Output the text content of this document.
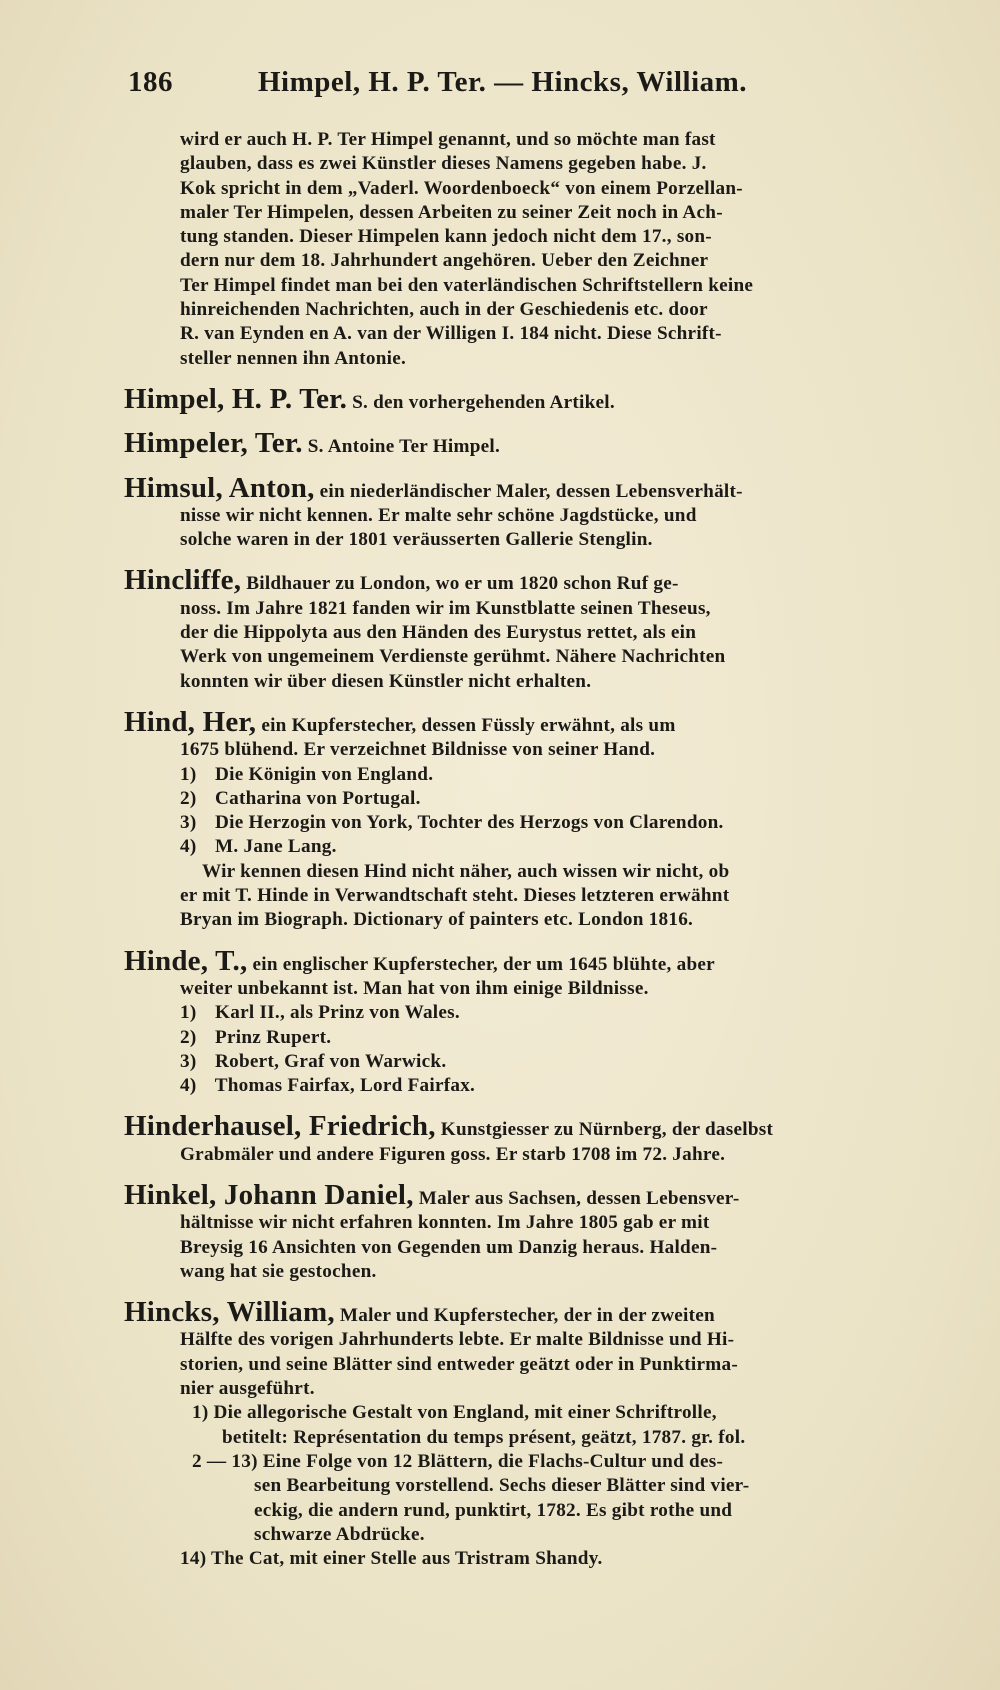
186	Himpel, H. P. Ter. — Hincks, William.
wird er auch H. P. Ter Himpel genannt, und so möchte man fast
glauben, dass es zwei Künstler dieses Namens gegeben habe. J.
Kok spricht in dem „Vaderl. Woordenboeck“ von einem Porzellan-
maler Ter Himpelen, dessen Arbeiten zu seiner Zeit noch in Ach-
tung standen. Dieser Himpelen kann jedoch nicht dem 17., son-
dern nur dem 18. Jahrhundert angehören. Ueber den Zeichner
Ter Himpel findet man bei den vaterländischen Schriftstellern keine
hinreichenden Nachrichten, auch in der Geschiedenis etc. door
R. van Eynden en A. van der Willigen I. 184 nicht. Diese Schrift-
steller nennen ihn Antonie.
Himpel, H. P. Ter. S. den vorhergehenden Artikel.
Himpeler, Ter. S. Antoine Ter Himpel.
Himsul, Anton, ein niederländischer Maler, dessen Lebensverhält-
nisse wir nicht kennen. Er malte sehr schöne Jagdstücke, und
solche waren in der 1801 veräusserten Gallerie Stenglin.
Hincliffe, Bildhauer zu London, wo er um 1820 schon Ruf ge-
noss. Im Jahre 1821 fanden wir im Kunstblatte seinen Theseus,
der die Hippolyta aus den Händen des Eurystus rettet, als ein
Werk von ungemeinem Verdienste gerühmt. Nähere Nachrichten
konnten wir über diesen Künstler nicht erhalten.
Hind, Her, ein Kupferstecher, dessen Füssly erwähnt, als um
1675 blühend. Er verzeichnet Bildnisse von seiner Hand.
1) Die Königin von England.
2) Catharina von Portugal.
3) Die Herzogin von York, Tochter des Herzogs von Clarendon.
4) M. Jane Lang.
Wir kennen diesen Hind nicht näher, auch wissen wir nicht, ob
er mit T. Hinde in Verwandtschaft steht. Dieses letzteren erwähnt
Bryan im Biograph. Dictionary of painters etc. London 1816.
Hinde, T., ein englischer Kupferstecher, der um 1645 blühte, aber
weiter unbekannt ist. Man hat von ihm einige Bildnisse.
1) Karl II., als Prinz von Wales.
2) Prinz Rupert.
3) Robert, Graf von Warwick.
4) Thomas Fairfax, Lord Fairfax.
Hinderhausel, Friedrich, Kunstgiesser zu Nürnberg, der daselbst
Grabmäler und andere Figuren goss. Er starb 1708 im 72. Jahre.
Hinkel, Johann Daniel, Maler aus Sachsen, dessen Lebensver-
hältnisse wir nicht erfahren konnten. Im Jahre 1805 gab er mit
Breysig 16 Ansichten von Gegenden um Danzig heraus. Halden-
wang hat sie gestochen.
Hincks, William, Maler und Kupferstecher, der in der zweiten
Hälfte des vorigen Jahrhunderts lebte. Er malte Bildnisse und Hi-
storien, und seine Blätter sind entweder geätzt oder in Punktirma-
nier ausgeführt.
1) Die allegorische Gestalt von England, mit einer Schriftrolle,
betitelt: Représentation du temps présent, geätzt, 1787. gr. fol.
2 — 13) Eine Folge von 12 Blättern, die Flachs-Cultur und des-
sen Bearbeitung vorstellend. Sechs dieser Blätter sind vier-
eckig, die andern rund, punktirt, 1782. Es gibt rothe und
schwarze Abdrücke.
14) The Cat, mit einer Stelle aus Tristram Shandy.
